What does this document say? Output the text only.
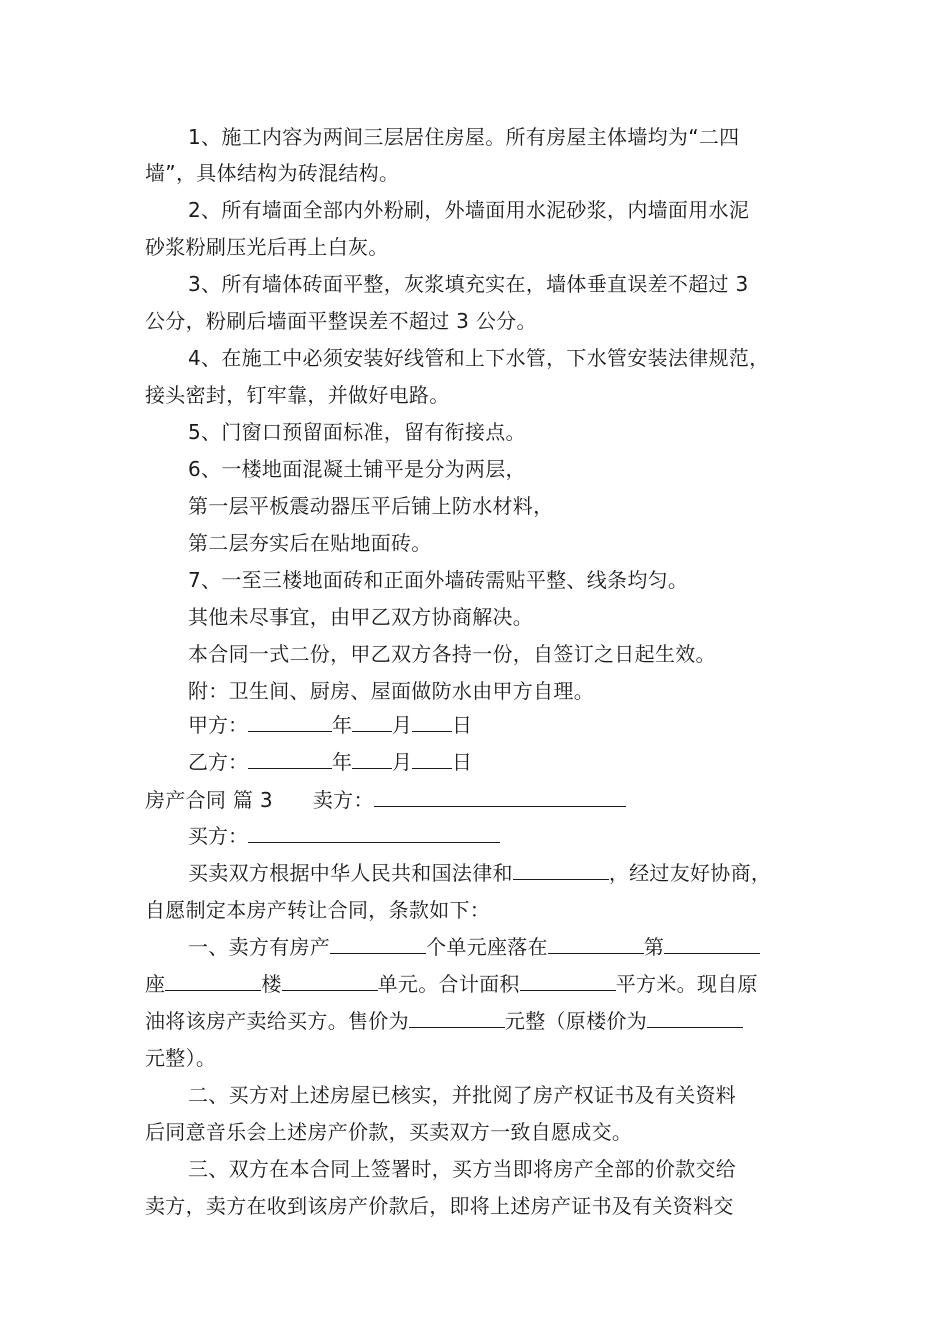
1、施工内容为两间三层居住房屋。所有房屋主体墙均为“二四
墙”，具体结构为砖混结构。
2、所有墙面全部内外粉刷，外墙面用水泥砂浆，内墙面用水泥
砂浆粉刷压光后再上白灰。
3、所有墙体砖面平整，灰浆填充实在，墙体垂直误差不超过 3
公分，粉刷后墙面平整误差不超过 3 公分。
4、在施工中必须安装好线管和上下水管，下水管安装法律规范，
接头密封，钉牢靠，并做好电路。
5、门窗口预留面标准，留有衔接点。
6、一楼地面混凝土铺平是分为两层，
第一层平板震动器压平后铺上防水材料，
第二层夯实后在贴地面砖。
7、一至三楼地面砖和正面外墙砖需贴平整、线条均匀。
其他未尽事宜，由甲乙双方协商解决。
本合同一式二份，甲乙双方各持一份，自签订之日起生效。
附：卫生间、厨房、屋面做防水由甲方自理。
甲方：	年 月 日
乙方：	年 月 日
房产合同 篇 3 卖方：
买方：
买卖双方根据中华人民共和国法律和	，经过友好协商，
自愿制定本房产转让合同，条款如下：
一、卖方有房产	个单元座落在	第
座	楼	单元。合计面积	平方米。现自原
油将该房产卖给买方。售价为	元整（原楼价为
元整）。
二、买方对上述房屋已核实，并批阅了房产权证书及有关资料
后同意音乐会上述房产价款，买卖双方一致自愿成交。
三、双方在本合同上签署时，买方当即将房产全部的价款交给
卖方，卖方在收到该房产价款后，即将上述房产证书及有关资料交
